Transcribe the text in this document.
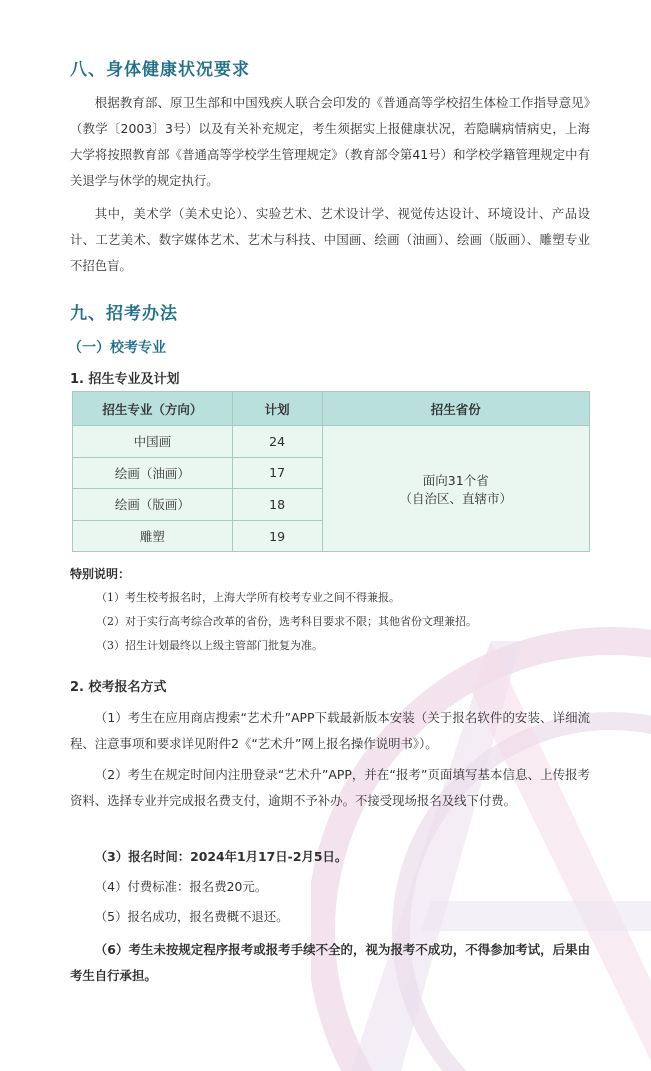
八、身体健康状况要求

根据教育部、原卫生部和中国残疾人联合会印发的《普通高等学校招生体检工作指导意见》（教学〔2003〕3号）以及有关补充规定，考生须据实上报健康状况，若隐瞒病情病史，上海大学将按照教育部《普通高等学校学生管理规定》（教育部令第41号）和学校学籍管理规定中有关退学与休学的规定执行。

其中，美术学（美术史论）、实验艺术、艺术设计学、视觉传达设计、环境设计、产品设计、工艺美术、数字媒体艺术、艺术与科技、中国画、绘画（油画）、绘画（版画）、雕塑专业不招色盲。

九、招考办法
（一）校考专业
1. 招生专业及计划
招生专业（方向）	计划	招生省份
中国画	24	面向31个省
（自治区、直辖市）

绘画（油画）	17	
绘画（版画）	18	
雕塑	19	

特别说明：

（1）考生校考报名时，上海大学所有校考专业之间不得兼报。

（2）对于实行高考综合改革的省份，选考科目要求不限；其他省份文理兼招。

（3）招生计划最终以上级主管部门批复为准。

2. 校考报名方式

（1）考生在应用商店搜索“艺术升”APP下载最新版本安装（关于报名软件的安装、详细流程、注意事项和要求详见附件2《“艺术升”网上报名操作说明书》）。

（2）考生在规定时间内注册登录“艺术升”APP，并在“报考”页面填写基本信息、上传报考资料、选择专业并完成报名费支付，逾期不予补办。不接受现场报名及线下付费。

（3）报名时间：2024年1月17日-2月5日。

（4）付费标准：报名费20元。

（5）报名成功，报名费概不退还。

（6）考生未按规定程序报考或报考手续不全的，视为报考不成功，不得参加考试，后果由考生自行承担。
